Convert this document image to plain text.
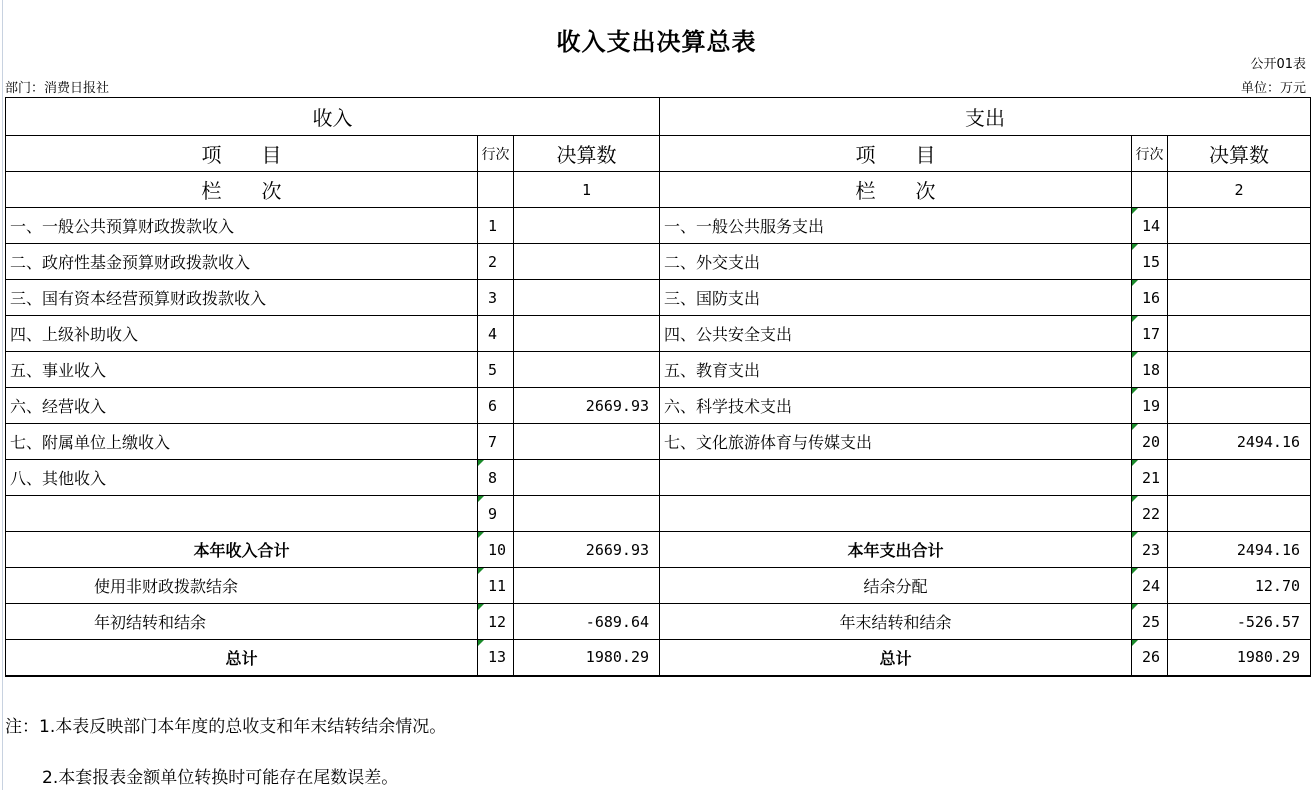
收入支出决算总表
公开01表
部门：消费日报社	单位：万元
收入			支出		
项　　目	行次	决算数	项　　目	行次	决算数
栏　　次		1	栏　　次		2
一、一般公共预算财政拨款收入	1		一、一般公共服务支出	14	
二、政府性基金预算财政拨款收入	2		二、外交支出	15	
三、国有资本经营预算财政拨款收入	3		三、国防支出	16	
四、上级补助收入	4		四、公共安全支出	17	
五、事业收入	5		五、教育支出	18	
六、经营收入	6	2669.93	六、科学技术支出	19	
七、附属单位上缴收入	7		七、文化旅游体育与传媒支出	20	2494.16
八、其他收入	8			21	
	9			22	
本年收入合计	10	2669.93	本年支出合计	23	2494.16
使用非财政拨款结余	11		结余分配	24	12.70
年初结转和结余	12	-689.64	年末结转和结余	25	-526.57
总计	13	1980.29	总计	26	1980.29
注：1.本表反映部门本年度的总收支和年末结转结余情况。
2.本套报表金额单位转换时可能存在尾数误差。
